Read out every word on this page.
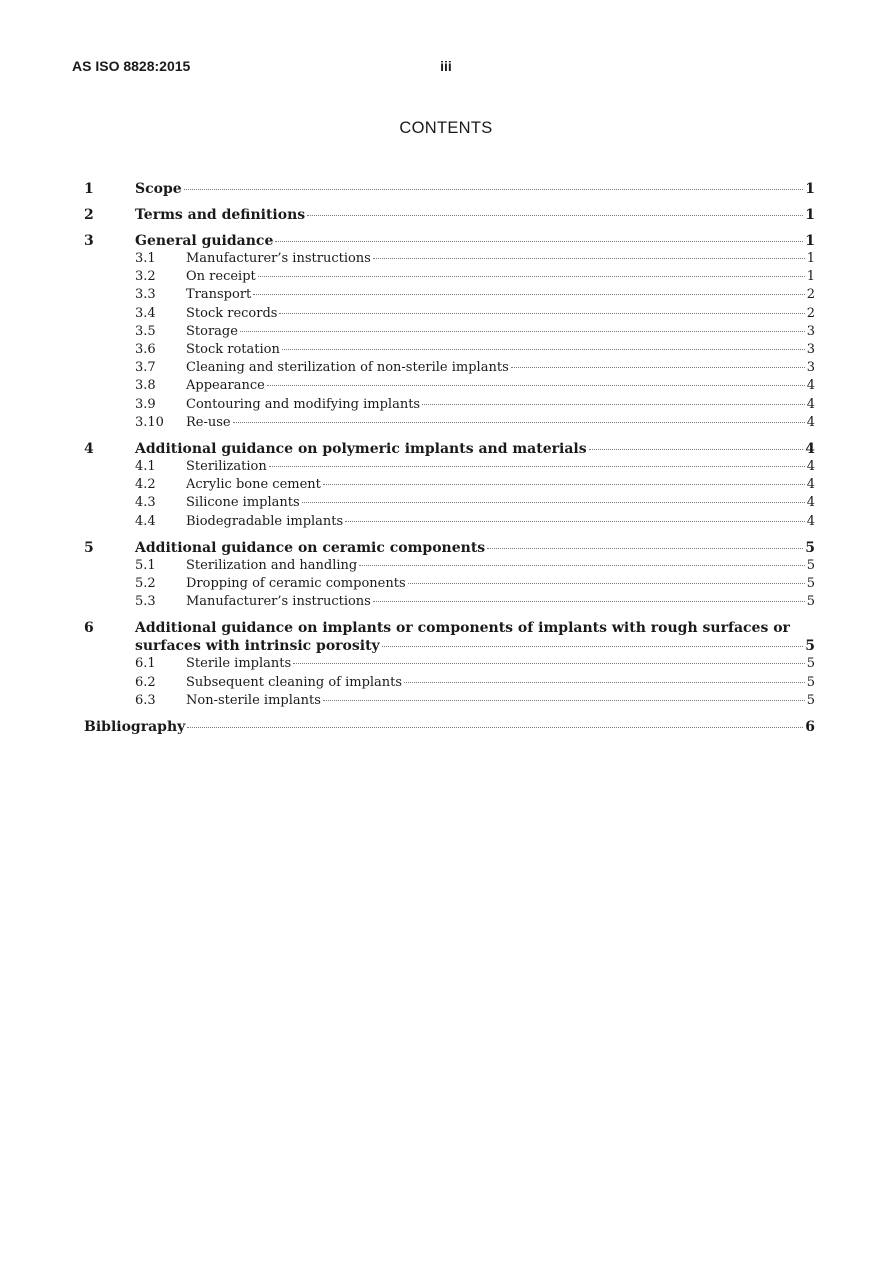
AS ISO 8828:2015	iii
CONTENTS
1	Scope	1
2	Terms and definitions	1
3	General guidance	1
3.1	Manufacturer’s instructions	1
3.2	On receipt	1
3.3	Transport	2
3.4	Stock records	2
3.5	Storage	3
3.6	Stock rotation	3
3.7	Cleaning and sterilization of non-sterile implants	3
3.8	Appearance	4
3.9	Contouring and modifying implants	4
3.10	Re-use	4
4	Additional guidance on polymeric implants and materials	4
4.1	Sterilization	4
4.2	Acrylic bone cement	4
4.3	Silicone implants	4
4.4	Biodegradable implants	4
5	Additional guidance on ceramic components	5
5.1	Sterilization and handling	5
5.2	Dropping of ceramic components	5
5.3	Manufacturer’s instructions	5
6	Additional guidance on implants or components of implants with rough surfaces or
surfaces with intrinsic porosity	5
6.1	Sterile implants	5
6.2	Subsequent cleaning of implants	5
6.3	Non-sterile implants	5
Bibliography	6
